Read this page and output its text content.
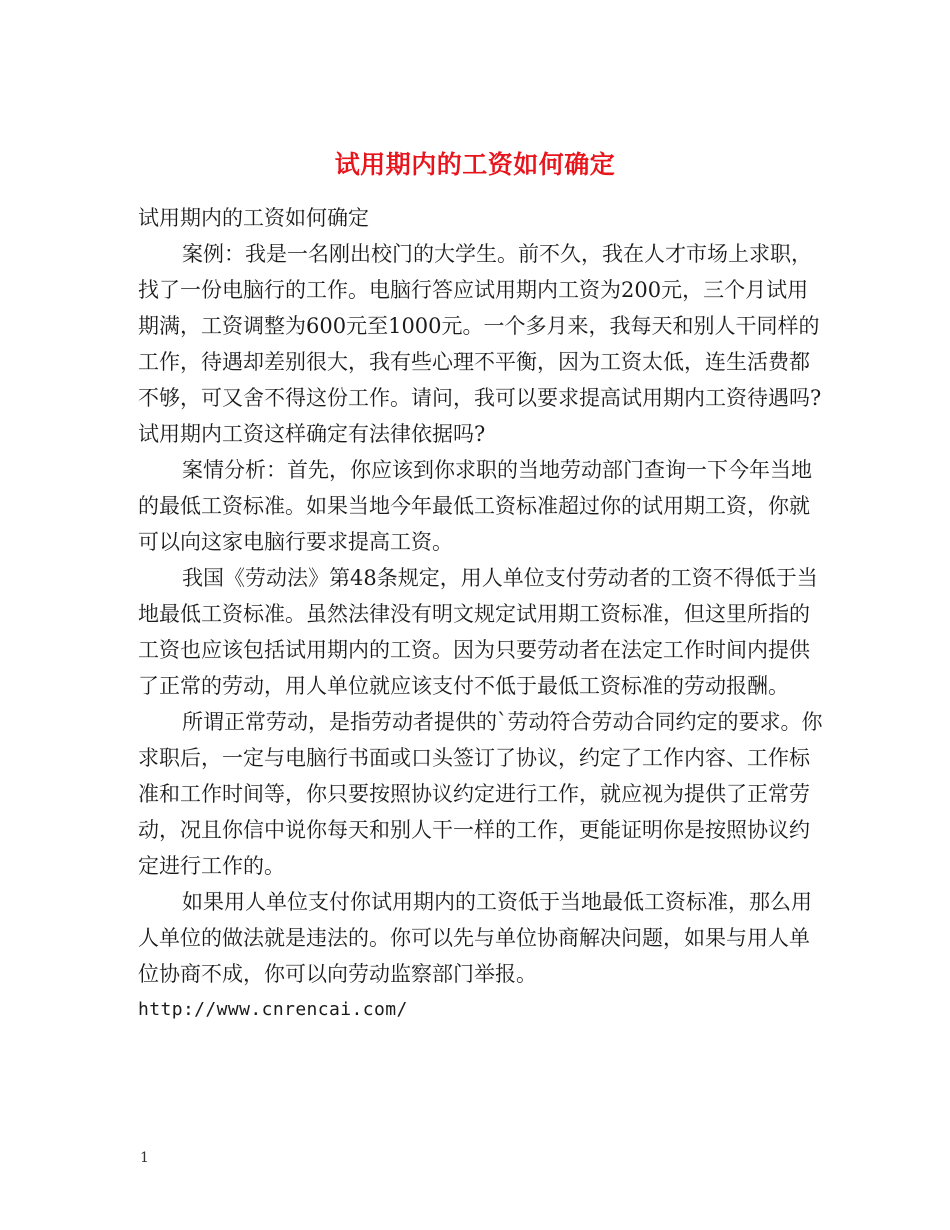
试用期内的工资如何确定

试用期内的工资如何确定

案例：我是一名刚出校门的大学生。前不久，我在人才市场上求职，找了一份电脑行的工作。电脑行答应试用期内工资为200元，三个月试用期满，工资调整为600元至1000元。一个多月来，我每天和别人干同样的工作，待遇却差别很大，我有些心理不平衡，因为工资太低，连生活费都不够，可又舍不得这份工作。请问，我可以要求提高试用期内工资待遇吗?试用期内工资这样确定有法律依据吗?

案情分析：首先，你应该到你求职的当地劳动部门查询一下今年当地的最低工资标准。如果当地今年最低工资标准超过你的试用期工资，你就可以向这家电脑行要求提高工资。

我国《劳动法》第48条规定，用人单位支付劳动者的工资不得低于当地最低工资标准。虽然法律没有明文规定试用期工资标准，但这里所指的工资也应该包括试用期内的工资。因为只要劳动者在法定工作时间内提供了正常的劳动，用人单位就应该支付不低于最低工资标准的劳动报酬。

所谓正常劳动，是指劳动者提供的`劳动符合劳动合同约定的要求。你求职后，一定与电脑行书面或口头签订了协议，约定了工作内容、工作标准和工作时间等，你只要按照协议约定进行工作，就应视为提供了正常劳动，况且你信中说你每天和别人干一样的工作，更能证明你是按照协议约定进行工作的。

如果用人单位支付你试用期内的工资低于当地最低工资标准，那么用人单位的做法就是违法的。你可以先与单位协商解决问题，如果与用人单位协商不成，你可以向劳动监察部门举报。

http://www.cnrencai.com/
1
